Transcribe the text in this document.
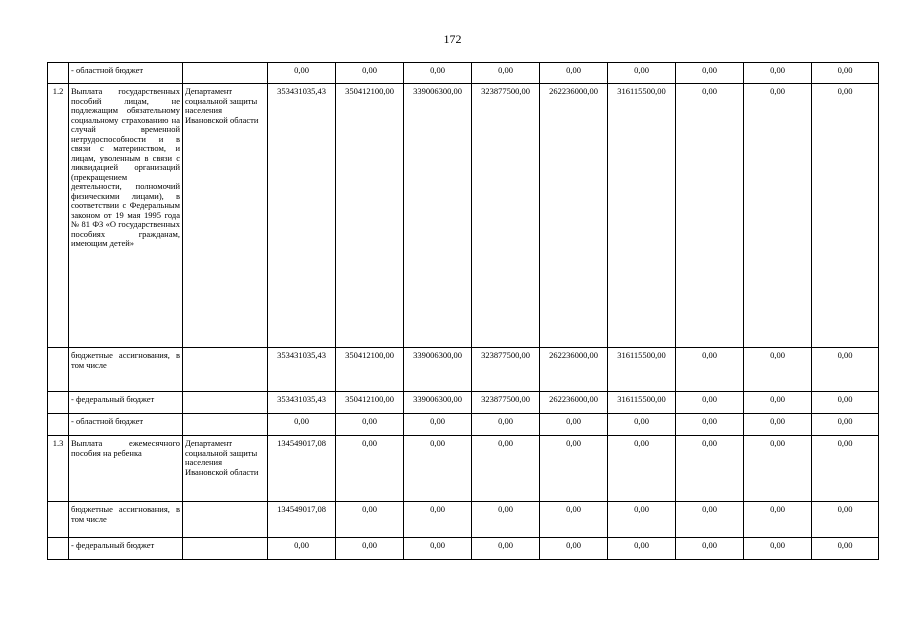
172
	- областной бюджет		0,00	0,00	0,00	0,00	0,00	0,00	0,00	0,00	0,00
1.2	Выплата государственных пособий лицам, не подлежащим обязательному социальному страхованию на случай временной нетрудоспособности и в связи с материнством, и лицам, уволенным в связи с ликвидацией организаций (прекращением деятельности, полномочий физическими лицами), в соответствии с Федеральным законом от 19 мая 1995 года № 81 ФЗ «О государственных пособиях гражданам, имеющим детей»	Департамент социальной защиты населения Ивановской области	353431035,43	350412100,00	339006300,00	323877500,00	262236000,00	316115500,00	0,00	0,00	0,00
	бюджетные ассигнования, в том числе		353431035,43	350412100,00	339006300,00	323877500,00	262236000,00	316115500,00	0,00	0,00	0,00
	- федеральный бюджет		353431035,43	350412100,00	339006300,00	323877500,00	262236000,00	316115500,00	0,00	0,00	0,00
	- областной бюджет		0,00	0,00	0,00	0,00	0,00	0,00	0,00	0,00	0,00
1.3	Выплата ежемесячного пособия на ребенка	Департамент социальной защиты населения Ивановской области	134549017,08	0,00	0,00	0,00	0,00	0,00	0,00	0,00	0,00
	бюджетные ассигнования, в том числе		134549017,08	0,00	0,00	0,00	0,00	0,00	0,00	0,00	0,00
	- федеральный бюджет		0,00	0,00	0,00	0,00	0,00	0,00	0,00	0,00	0,00
